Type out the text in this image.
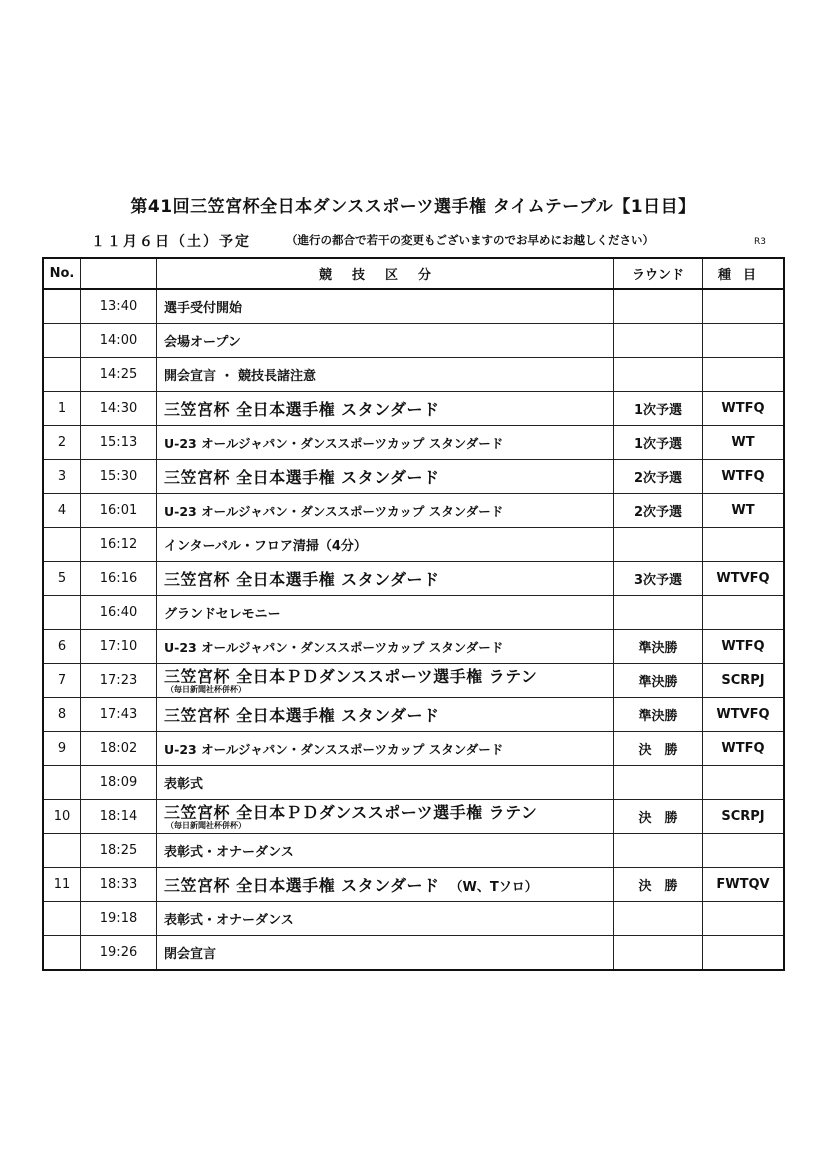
第41回三笠宮杯全日本ダンススポーツ選手権 タイムテーブル【1日目】
１１月６日（土）予定	（進行の都合で若干の変更もございますのでお早めにお越しください）	R3
No.		競技区分	ラウンド	種目
	13:40	選手受付開始		
	14:00	会場オープン		
	14:25	開会宣言 ・ 競技長諸注意		
1	14:30	三笠宮杯 全日本選手権 スタンダード	1次予選	WTFQ
2	15:13	U-23 オールジャパン・ダンススポーツカップ スタンダード	1次予選	WT
3	15:30	三笠宮杯 全日本選手権 スタンダード	2次予選	WTFQ
4	16:01	U-23 オールジャパン・ダンススポーツカップ スタンダード	2次予選	WT
	16:12	インターバル・フロア清掃（4分）		
5	16:16	三笠宮杯 全日本選手権 スタンダード	3次予選	WTVFQ
	16:40	グランドセレモニー		
6	17:10	U-23 オールジャパン・ダンススポーツカップ スタンダード	準決勝	WTFQ
7	17:23	三笠宮杯 全日本ＰＤダンススポーツ選手権 ラテン
（毎日新聞社杯併杯）	準決勝	SCRPJ
8	17:43	三笠宮杯 全日本選手権 スタンダード	準決勝	WTVFQ
9	18:02	U-23 オールジャパン・ダンススポーツカップ スタンダード	決　勝	WTFQ
	18:09	表彰式		
10	18:14	三笠宮杯 全日本ＰＤダンススポーツ選手権 ラテン
（毎日新聞社杯併杯）	決　勝	SCRPJ
	18:25	表彰式・オナーダンス		
11	18:33	三笠宮杯 全日本選手権 スタンダード （W、Tソロ）	決　勝	FWTQV
	19:18	表彰式・オナーダンス		
	19:26	閉会宣言		
